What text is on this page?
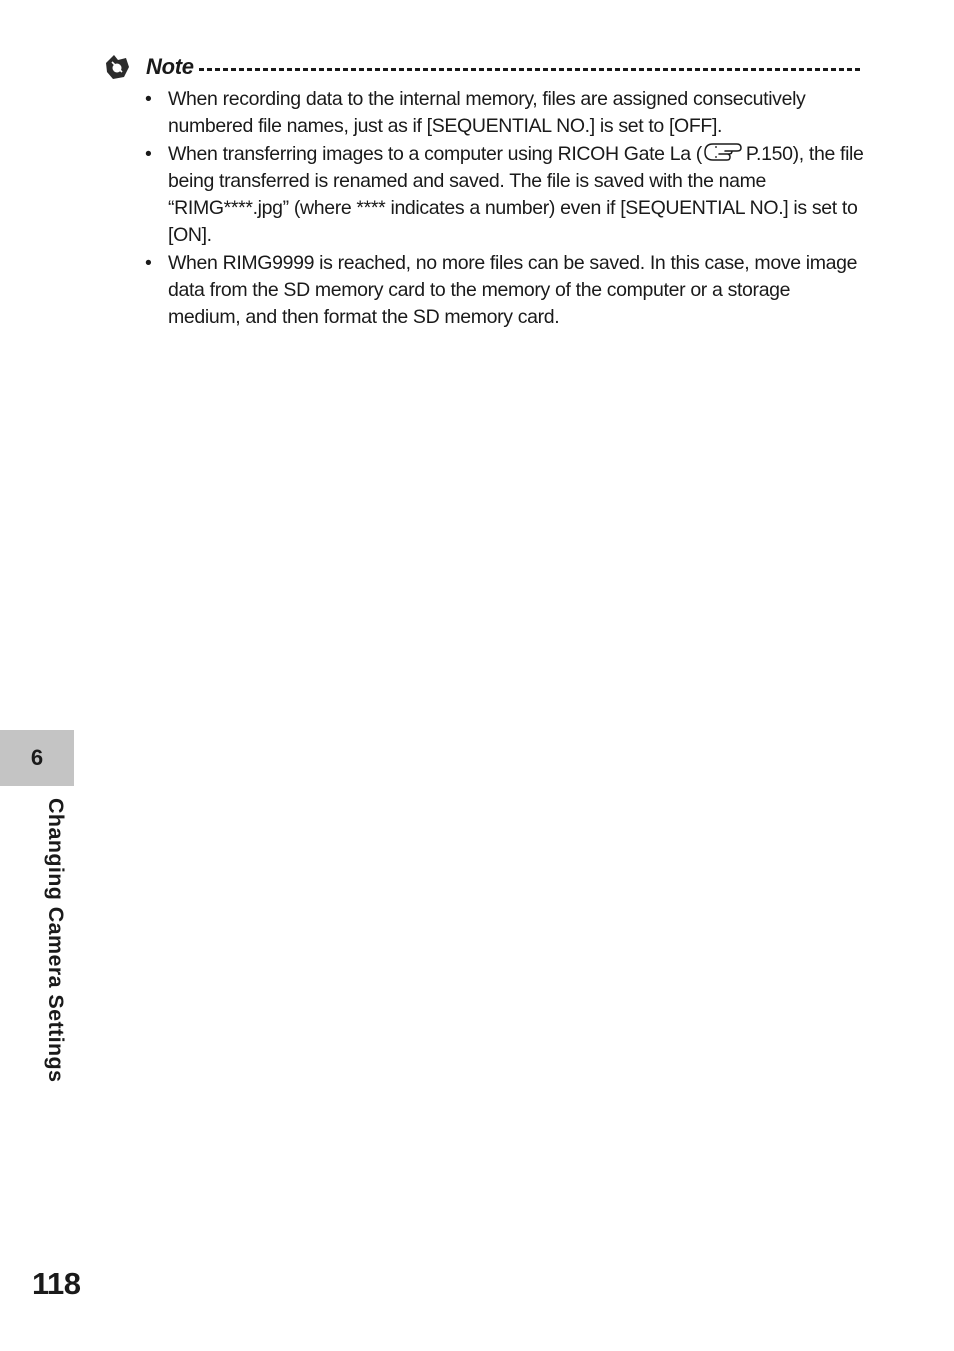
Note
• When recording data to the internal memory, files are assigned consecutively numbered file names, just as if [SEQUENTIAL NO.] is set to [OFF].
• When transferring images to a computer using RICOH Gate La ( P.150), the file being transferred is renamed and saved. The file is saved with the name “RIMG****.jpg” (where **** indicates a number) even if [SEQUENTIAL NO.] is set to [ON].
• When RIMG9999 is reached, no more files can be saved. In this case, move image data from the SD memory card to the memory of the computer or a storage medium, and then format the SD memory card.
6
Changing Camera Settings
118
